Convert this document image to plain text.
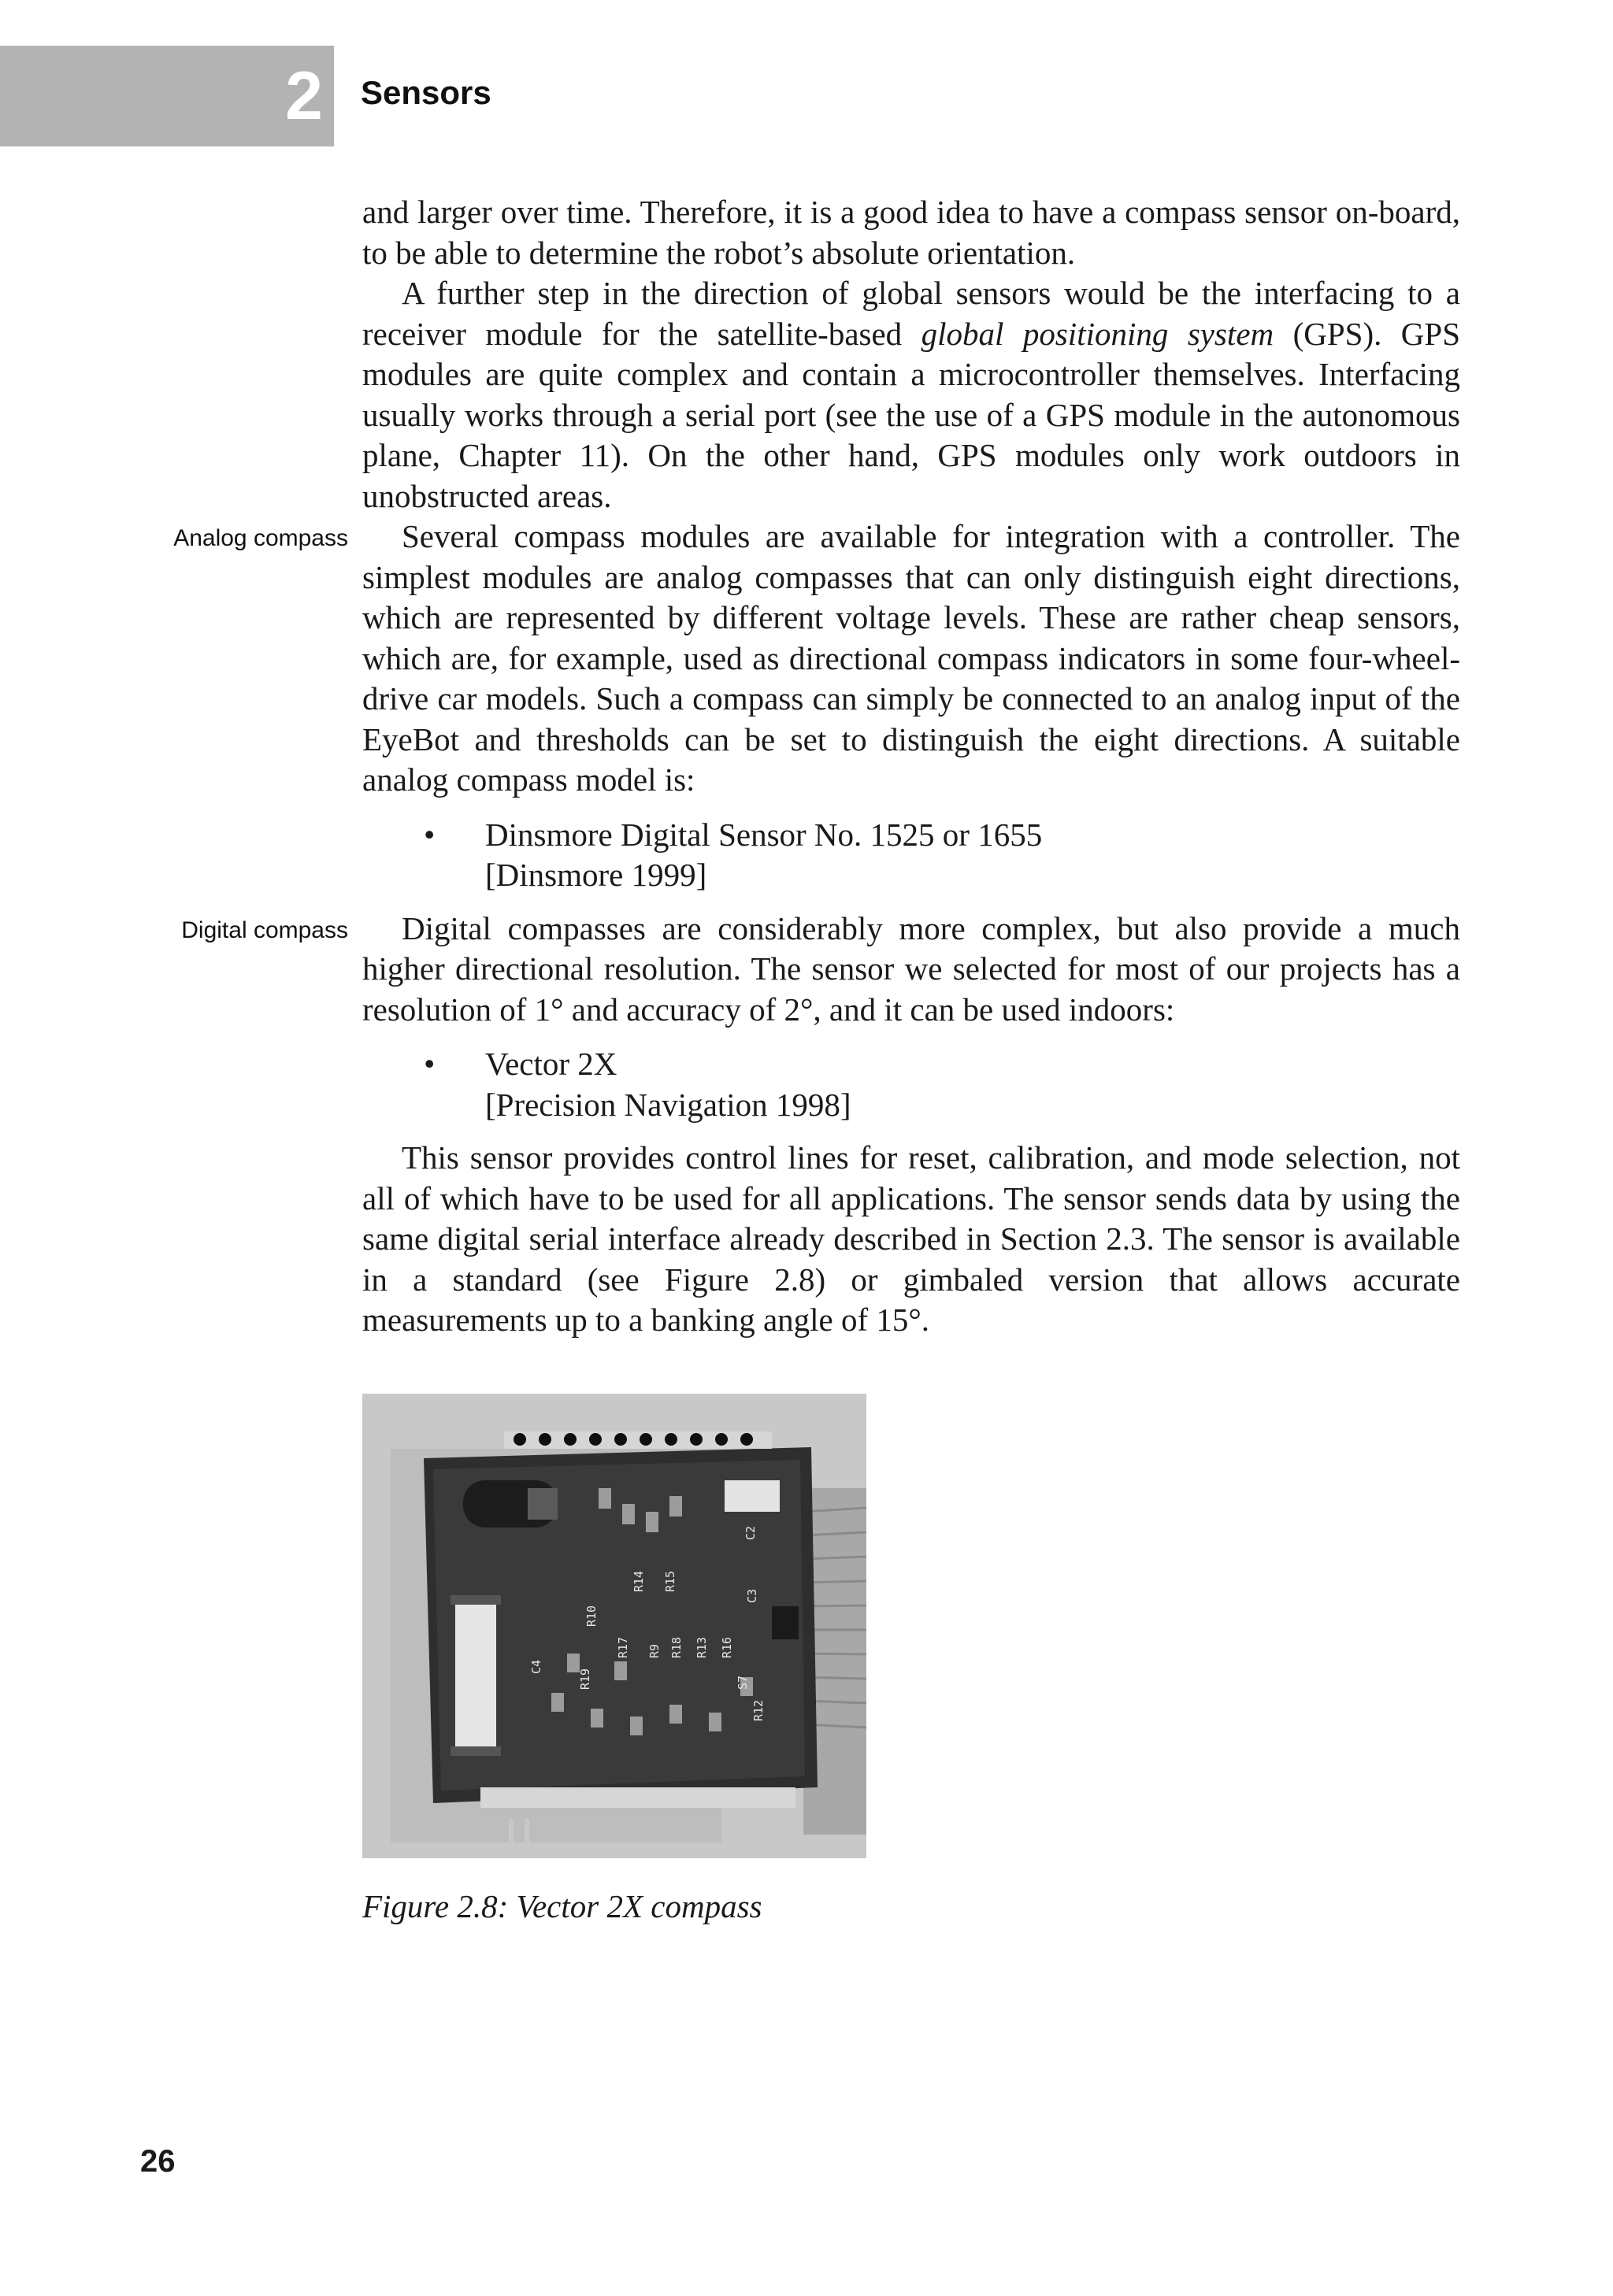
2 Sensors

and larger over time. Therefore, it is a good idea to have a compass sensor on-board, to be able to determine the robot’s absolute orientation.

A further step in the direction of global sensors would be the interfacing to a receiver module for the satellite-based global positioning system (GPS). GPS modules are quite complex and contain a microcontroller themselves. Interfacing usually works through a serial port (see the use of a GPS module in the autonomous plane, Chapter 11). On the other hand, GPS modules only work outdoors in unobstructed areas.

Analog compass	Several compass modules are available for integration with a controller. The simplest modules are analog compasses that can only distinguish eight directions, which are represented by different voltage levels. These are rather cheap sensors, which are, for example, used as directional compass indicators in some four-wheel-drive car models. Such a compass can simply be connected to an analog input of the EyeBot and thresholds can be set to distinguish the eight directions. A suitable analog compass model is:

• Dinsmore Digital Sensor No. 1525 or 1655
[Dinsmore 1999]
Digital compass	Digital compasses are considerably more complex, but also provide a much higher directional resolution. The sensor we selected for most of our projects has a resolution of 1° and accuracy of 2°, and it can be used indoors:

• Vector 2X
[Precision Navigation 1998]

This sensor provides control lines for reset, calibration, and mode selection, not all of which have to be used for all applications. The sensor sends data by using the same digital serial interface already described in Section 2.3. The sensor is available in a standard (see Figure 2.8) or gimbaled version that allows accurate measurements up to a banking angle of 15°.

R14 R15
R10
R17 R9 R18 R13 R16
R19
R12
C3
C4
C2
S7
Figure 2.8: Vector 2X compass
26
